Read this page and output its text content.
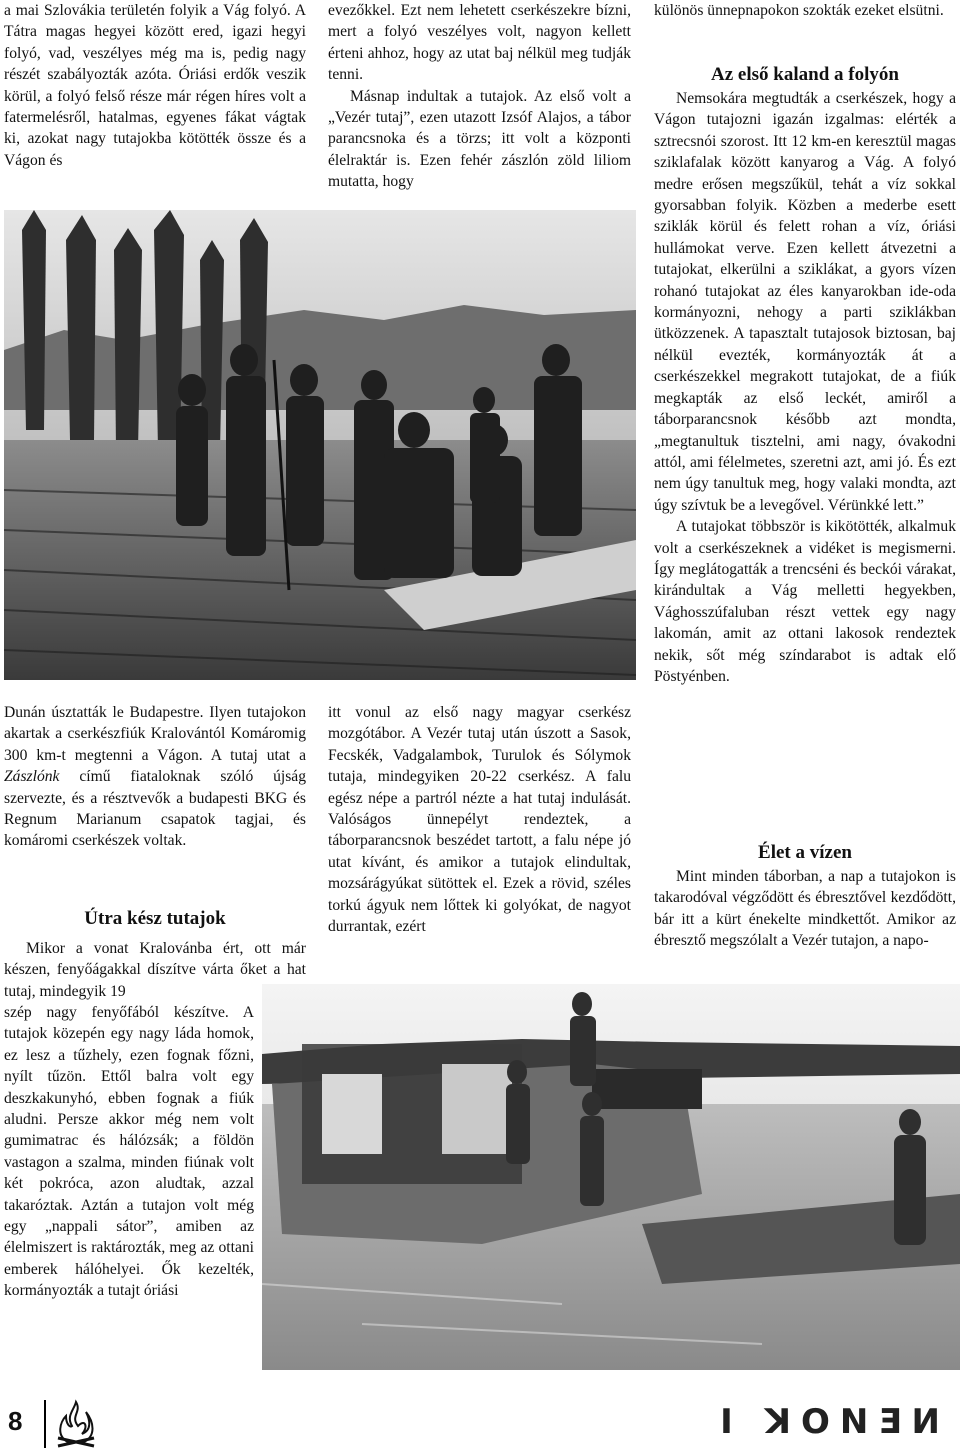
a mai Szlovákia területén folyik a Vág folyó. A Tátra magas hegyei között ered, igazi hegyi folyó, vad, veszélyes még ma is, pedig nagy részét szabályozták azóta. Óriási erdők veszik körül, a folyó felső része már régen híres volt a fatermelésről, hatalmas, egyenes fákat vágtak ki, azokat nagy tutajokba kötötték össze és a Vágon és

Dunán úsztatták le Budapestre. Ilyen tutajokon akartak a cserkészfiúk Kralovántól Komáromig 300 km-t megtenni a Vágon. A tutaj utat a Zászlónk című fiataloknak szóló újság szervezte, és a résztvevők a budapesti BKG és Regnum Marianum csapatok tagjai, és komáromi cserkészek voltak.

Útra kész tutajok

Mikor a vonat Kralovánba ért, ott már készen, fenyőágakkal díszítve várta őket a hat tutaj, mindegyik 19

szép nagy fenyőfából készítve. A tutajok közepén egy nagy láda homok, ez lesz a tűzhely, ezen fognak főzni, nyílt tűzön. Ettől balra volt egy deszkakunyhó, ebben fognak a fiúk aludni. Persze akkor még nem volt gumimatrac és hálózsák; a földön vastagon a szalma, minden fiúnak volt két pokróca, azon aludtak, azzal takaróztak. Aztán a tutajon volt még egy „nappali sátor”, amiben az élelmiszert is raktározták, meg az ottani emberek hálóhelyei. Ők kezelték, kormányozták a tutajt óriási

evezőkkel. Ezt nem lehetett cserkészekre bízni, mert a folyó veszélyes volt, nagyon kellett érteni ahhoz, hogy az utat baj nélkül meg tudják tenni.

Másnap indultak a tutajok. Az első volt a „Vezér tutaj”, ezen utazott Izsóf Alajos, a tábor parancsnoka és a törzs; itt volt a központi élelraktár is. Ezen fehér zászlón zöld liliom mutatta, hogy

itt vonul az első nagy magyar cserkész mozgótábor. A Vezér tutaj után úszott a Sasok, Fecskék, Vadgalambok, Turulok és Sólymok tutaja, mindegyiken 20-22 cserkész. A falu egész népe a partról nézte a hat tutaj indulását. Valóságos ünnepélyt rendeztek, a táborparancsnok beszédet tartott, a falu népe jó utat kívánt, és amikor a tutajok elindultak, mozsárágyúkat sütöttek el. Ezek a rövid, széles torkú ágyuk nem lőttek ki golyókat, de nagyot durrantak, ezért

különös ünnepnapokon szokták ezeket elsütni.

Az első kaland a folyón

Nemsokára megtudták a cserkészek, hogy a Vágon tutajozni igazán izgalmas: elérték a sztrecsnói szorost. Itt 12 km-en keresztül magas sziklafalak között kanyarog a Vág. A folyó medre erősen megszűkül, tehát a víz sokkal gyorsabban folyik. Közben a mederbe esett sziklák körül és felett rohan a víz, óriási hullámokat verve. Ezen kellett átvezetni a tutajokat, elkerülni a sziklákat, a gyors vízen rohanó tutajokat az éles kanyarokban ide-oda kormányozni, nehogy a parti sziklákban ütközzenek. A tapasztalt tutajosok biztosan, baj nélkül evezték, kormányozták át a cserkészekkel megrakott tutajokat, de a fiúk megkapták az első leckét, amiről a táborparancsnok később azt mondta, „megtanultuk tisztelni, ami nagy, óvakodni attól, ami félelmetes, szeretni azt, ami jó. És ezt nem úgy tanultuk meg, hogy valaki mondta, azt úgy szívtuk be a levegővel. Vérünkké lett.”

A tutajokat többször is kikötötték, alkalmuk volt a cserkészeknek a vidéket is megismerni. Így meglátogatták a trencséni és beckói várakat, kirándultak a Vág melletti hegyekben, Vághosszúfaluban részt vettek egy nagy lakomán, amit az ottani lakosok rendeztek nekik, sőt még színdarabot is adtak elő Pöstyénben.

Élet a vízen

Mint minden táborban, a nap a tutajokon is takarodóval végződött és ébresztővel kezdődött, bár itt a kürt énekelte mindkettőt. Amikor az ébresztő megszólalt a Vezér tutajon, a napo-

8	I ꓘONƎИ
